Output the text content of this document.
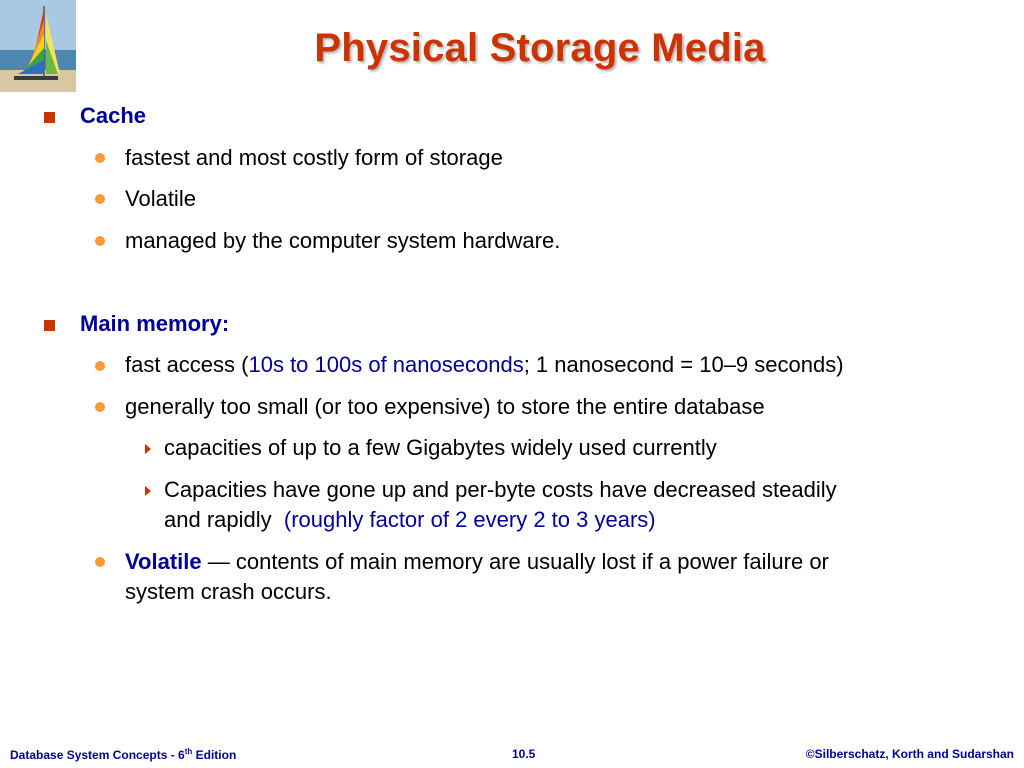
Physical Storage Media
Cache
fastest and most costly form of storage
Volatile
managed by the computer system hardware.
Main memory:
fast access (10s to 100s of nanoseconds; 1 nanosecond = 10–9 seconds)
generally too small (or too expensive) to store the entire database
capacities of up to a few Gigabytes widely used currently
Capacities have gone up and per-byte costs have decreased steadily
and rapidly (roughly factor of 2 every 2 to 3 years)
Volatile — contents of main memory are usually lost if a power failure or
system crash occurs.
Database System Concepts - 6th Edition	10.5	©Silberschatz, Korth and Sudarshan
